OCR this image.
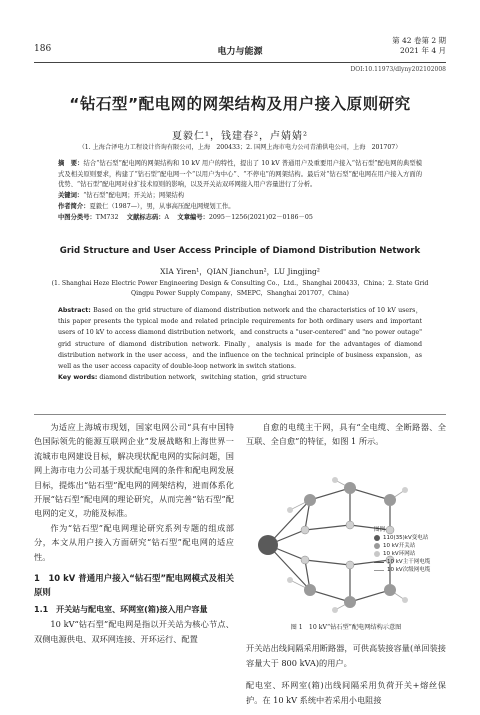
186	电力与能源
第 42 卷第 2 期
2021 年 4 月
DOI:10.11973/dlyny202102008
“钻石型”配电网的网架结构及用户接入原则研究
夏毅仁¹，钱建春²，卢婧婧²
（1. 上海合泽电力工程设计咨询有限公司，上海　200433；2. 国网上海市电力公司青浦供电公司，上海　201707）
摘　要：结合“钻石型”配电网的网架结构和 10 kV 用户的特性，提出了 10 kV 普通用户及重要用户接入“钻石型”配电网的典型模式及相关原则要求，构建了“钻石型”配电网一个“以用户为中心”、“不停电”的网架结构。最后对“钻石型”配电网在用户接入方面的优势、“钻石型”配电网对业扩技术原则的影响，以及开关站双环网接入用户容量进行了分析。
关键词：“钻石型”配电网；开关站；网架结构
作者简介：夏毅仁（1987—），男，从事高压配电网规划工作。
中图分类号：TM732  文献标志码：A  文章编号：2095－1256(2021)02－0186－05
Grid Structure and User Access Principle of Diamond Distribution Network
XIA Yiren¹，QIAN Jianchun²，LU Jingjing²
(1. Shanghai Heze Electric Power Engineering Design & Consulting Co.，Ltd.，Shanghai 200433，China；2. State Grid Qingpu Power Supply Company，SMEPC，Shanghai 201707，China)
Abstract: Based on the grid structure of diamond distribution network and the characteristics of 10 kV users，this paper presents the typical mode and related principle requirements for both ordinary users and important users of 10 kV to access diamond distribution network，and constructs a "user-centered" and "no power outage" grid structure of diamond distribution network. Finally，analysis is made for the advantages of diamond distribution network in the user access，and the influence on the technical principle of business expansion，as well as the user access capacity of double-loop network in switch stations.
Key words: diamond distribution network，switching station，grid structure

为适应上海城市现划，国家电网公司“具有中国特色国际领先的能源互联网企业”发展战略和上海世界一流城市电网建设目标，解决现状配电网的实际问题，国网上海市电力公司基于现状配电网的条件和配电网发展目标，提炼出“钻石型”配电网的网架结构，进而体系化开展“钻石型”配电网的理论研究，从而完善“钻石型”配电网的定义，功能及标准。

作为“钻石型”配电网理论研究系列专题的组成部分，本文从用户接入方面研究“钻石型”配电网的适应性。

1　10 kV 普通用户接入“钻石型”配电网模式及相关原则
1.1　开关站与配电室、环网室(箱)接入用户容量

10 kV“钻石型”配电网是指以开关站为核心节点、双侧电源供电、双环网连接、开环运行、配置

自愈的电缆主干网，具有“全电缆、全断路器、全互联、全自愈”的特征，如图 1 所示。

图例
110(35)kV变电站
10 kV开关站
10 kV环网站
10 kV主干网电缆
10 kV次级网电缆
图 1　10 kV“钻石型”配电网结构示意图

开关站出线间隔采用断路器，可供高装接容量(单回装接容量大于 800 kVA)的用户。

配电室、环网室(箱)出线间隔采用负荷开关+熔丝保护。在 10 kV 系统中若采用小电阻接
